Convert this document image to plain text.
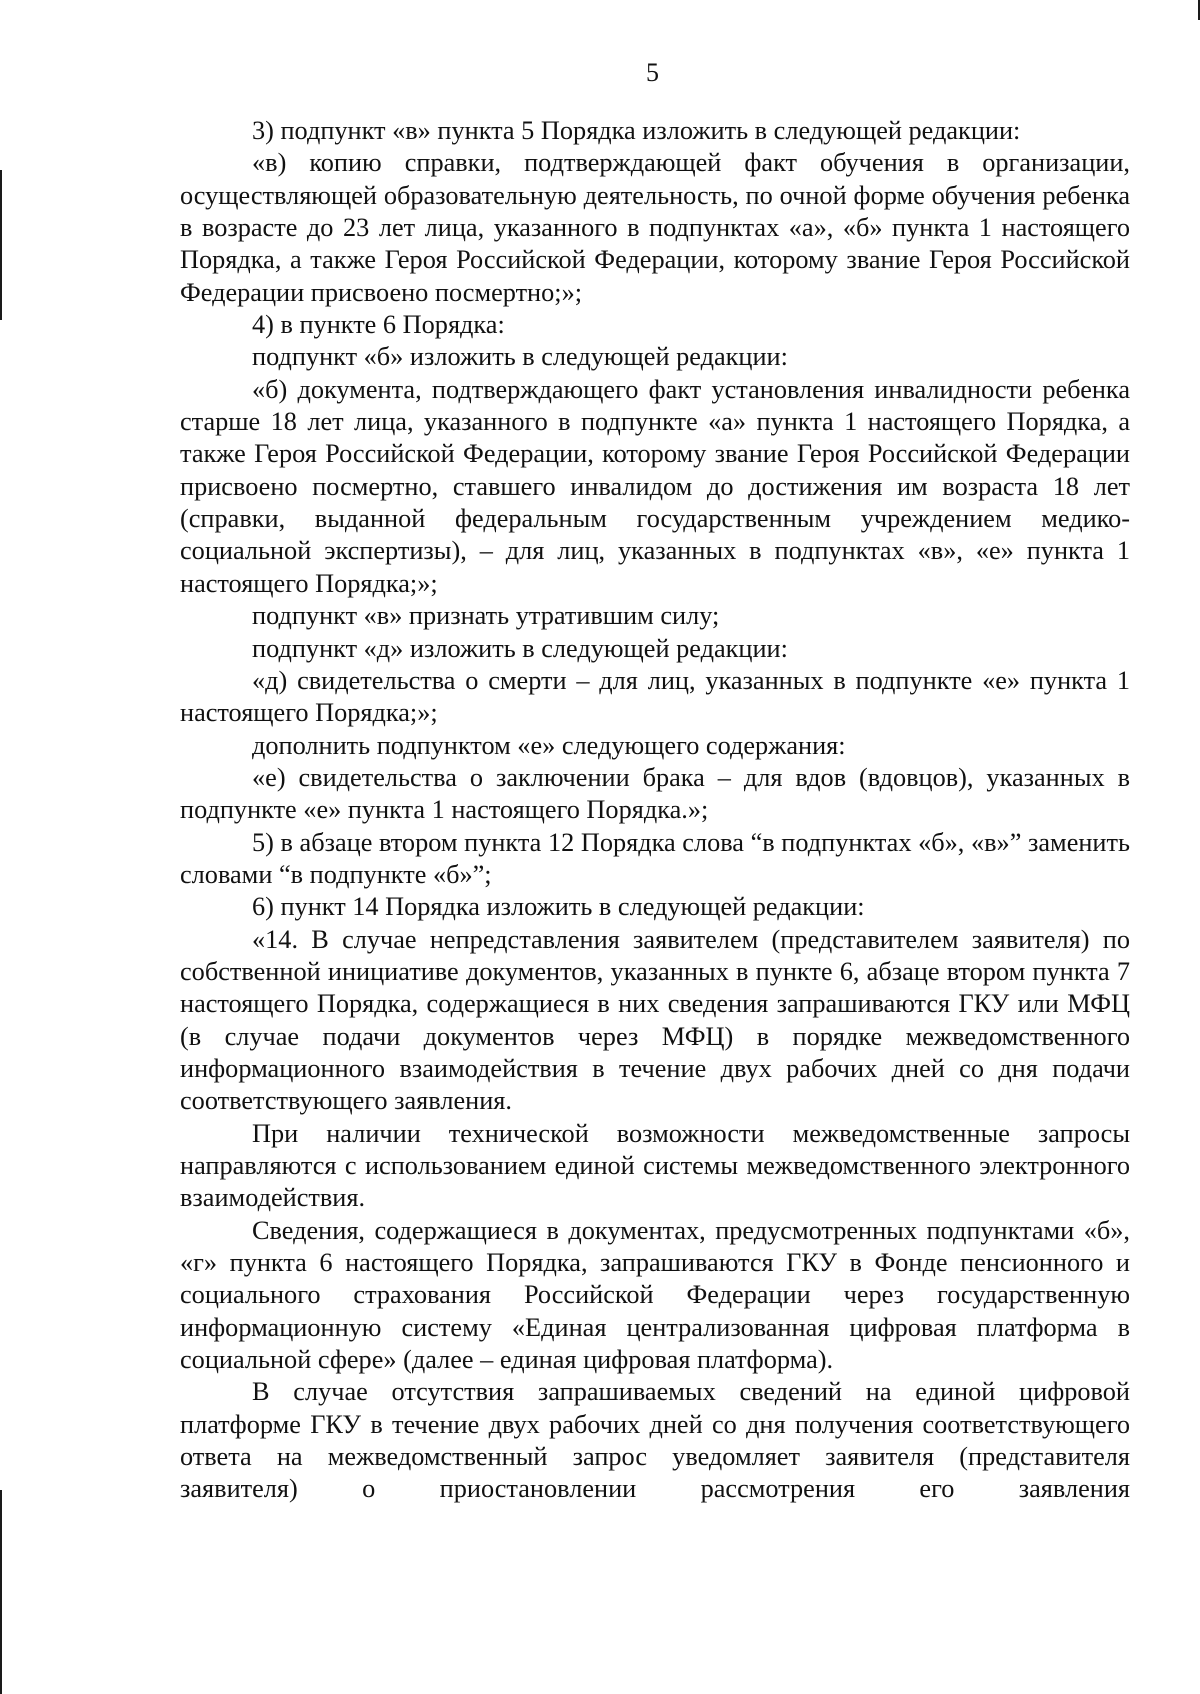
5

3) подпункт «в» пункта 5 Порядка изложить в следующей редакции:

«в) копию справки, подтверждающей факт обучения в организации, осуществляющей образовательную деятельность, по очной форме обучения ребенка в возрасте до 23 лет лица, указанного в подпунктах «а», «б» пункта 1 настоящего Порядка, а также Героя Российской Федерации, которому звание Героя Российской Федерации присвоено посмертно;»;

4) в пункте 6 Порядка:

подпункт «б» изложить в следующей редакции:

«б) документа, подтверждающего факт установления инвалидности ребенка старше 18 лет лица, указанного в подпункте «а» пункта 1 настоящего Порядка, а также Героя Российской Федерации, которому звание Героя Российской Федерации присвоено посмертно, ставшего инвалидом до достижения им возраста 18 лет (справки, выданной федеральным государственным учреждением медико-социальной экспертизы), – для лиц, указанных в подпунктах «в», «е» пункта 1 настоящего Порядка;»;

подпункт «в» признать утратившим силу;

подпункт «д» изложить в следующей редакции:

«д) свидетельства о смерти – для лиц, указанных в подпункте «е» пункта 1 настоящего Порядка;»;

дополнить подпунктом «е» следующего содержания:

«е) свидетельства о заключении брака – для вдов (вдовцов), указанных в подпункте «е» пункта 1 настоящего Порядка.»;

5) в абзаце втором пункта 12 Порядка слова “в подпунктах «б», «в»” заменить словами “в подпункте «б»”;

6) пункт 14 Порядка изложить в следующей редакции:

«14. В случае непредставления заявителем (представителем заявителя) по собственной инициативе документов, указанных в пункте 6, абзаце втором пункта 7 настоящего Порядка, содержащиеся в них сведения запрашиваются ГКУ или МФЦ (в случае подачи документов через МФЦ) в порядке межведомственного информационного взаимодействия в течение двух рабочих дней со дня подачи соответствующего заявления.

При наличии технической возможности межведомственные запросы направляются с использованием единой системы межведомственного электронного взаимодействия.

Сведения, содержащиеся в документах, предусмотренных подпунктами «б», «г» пункта 6 настоящего Порядка, запрашиваются ГКУ в Фонде пенсионного и социального страхования Российской Федерации через государственную информационную систему «Единая централизованная цифровая платформа в социальной сфере» (далее – единая цифровая платформа).

В случае отсутствия запрашиваемых сведений на единой цифровой платформе ГКУ в течение двух рабочих дней со дня получения соответствующего ответа на межведомственный запрос уведомляет заявителя (представителя заявителя) о приостановлении рассмотрения его заявления
